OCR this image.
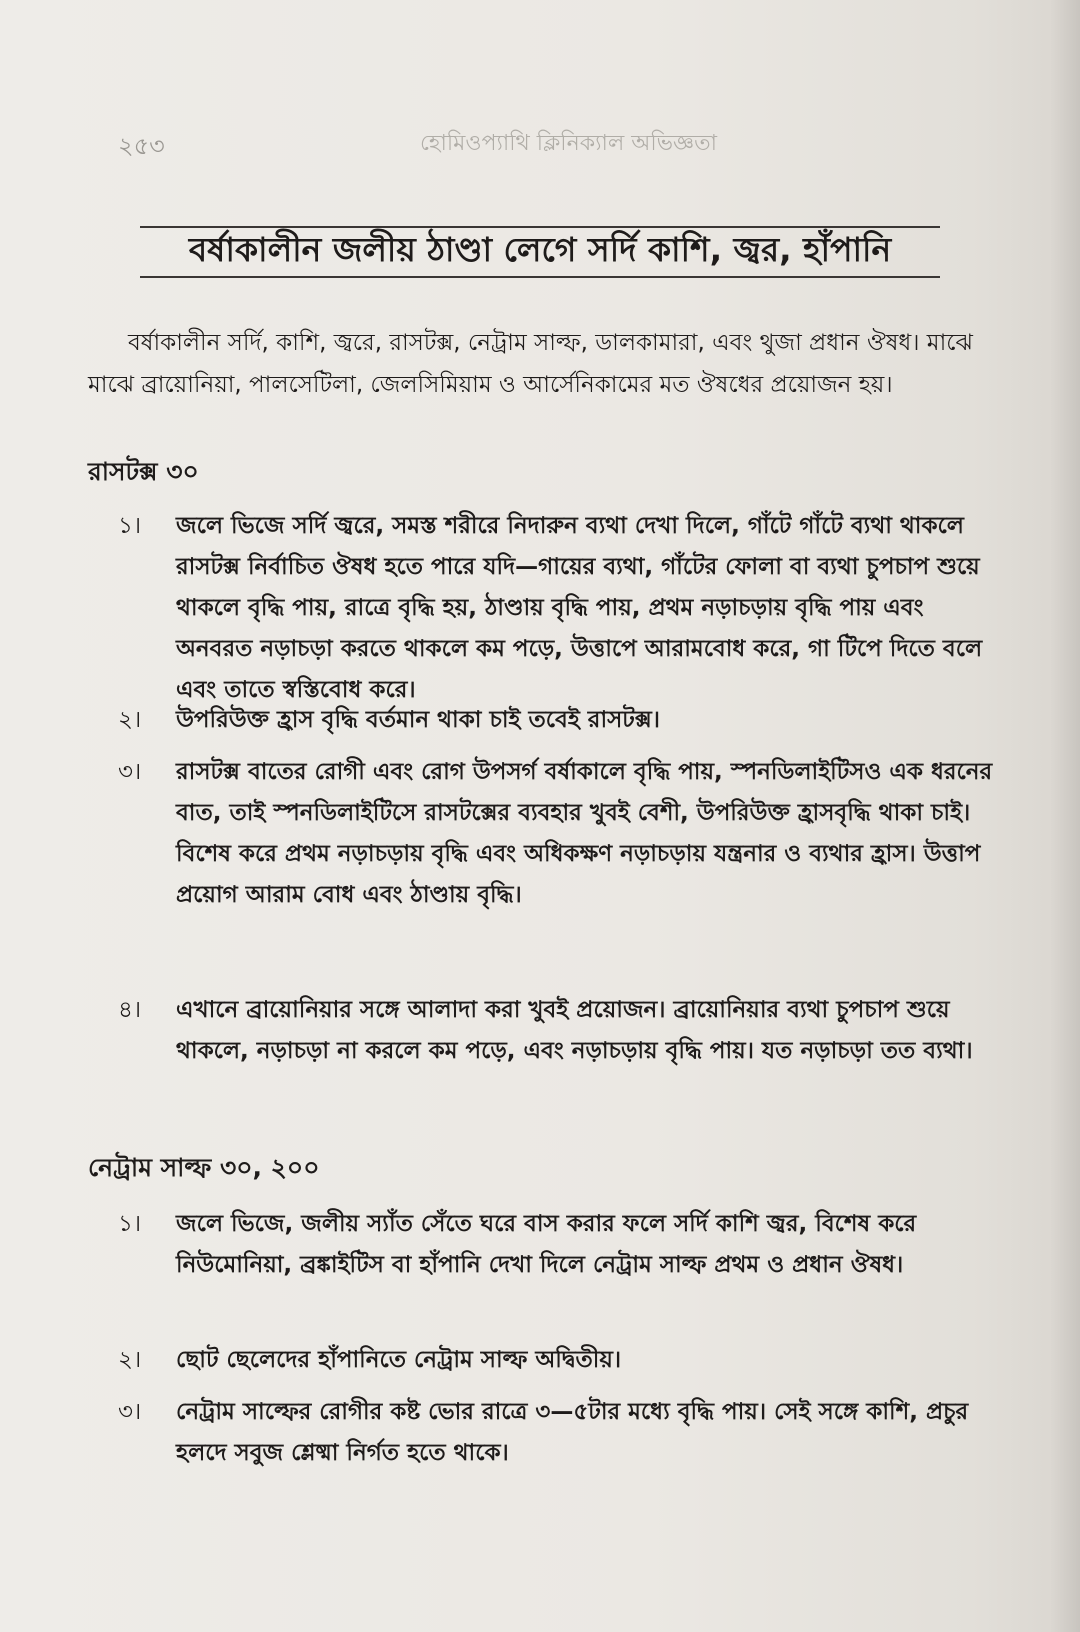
২৫৩	হোমিওপ্যাথি ক্লিনিক্যাল অভিজ্ঞতা
বর্ষাকালীন জলীয় ঠাণ্ডা লেগে সর্দি কাশি, জ্বর, হাঁপানি

বর্ষাকালীন সর্দি, কাশি, জ্বরে, রাসটক্স, নেট্রাম সাল্ফ, ডালকামারা, এবং থুজা প্রধান ঔষধ। মাঝে মাঝে ব্রায়োনিয়া, পালসেটিলা, জেলসিমিয়াম ও আর্সেনিকামের মত ঔষধের প্রয়োজন হয়।

রাসটক্স ৩০

১।	জলে ভিজে সর্দি জ্বরে, সমস্ত শরীরে নিদারুন ব্যথা দেখা দিলে, গাঁটে গাঁটে ব্যথা থাকলে রাসটক্স নির্বাচিত ঔষধ হতে পারে যদি—গায়ের ব্যথা, গাঁটের ফোলা বা ব্যথা চুপচাপ শুয়ে থাকলে বৃদ্ধি পায়, রাত্রে বৃদ্ধি হয়, ঠাণ্ডায় বৃদ্ধি পায়, প্রথম নড়াচড়ায় বৃদ্ধি পায় এবং অনবরত নড়াচড়া করতে থাকলে কম পড়ে, উত্তাপে আরামবোধ করে, গা টিপে দিতে বলে এবং তাতে স্বস্তিবোধ করে।
২।	উপরিউক্ত হ্রাস বৃদ্ধি বর্তমান থাকা চাই তবেই রাসটক্স।
৩।	রাসটক্স বাতের রোগী এবং রোগ উপসর্গ বর্ষাকালে বৃদ্ধি পায়, স্পনডিলাইটিসও এক ধরনের বাত, তাই স্পনডিলাইটিসে রাসটক্সের ব্যবহার খুবই বেশী, উপরিউক্ত হ্রাসবৃদ্ধি থাকা চাই। বিশেষ করে প্রথম নড়াচড়ায় বৃদ্ধি এবং অধিকক্ষণ নড়াচড়ায় যন্ত্রনার ও ব্যথার হ্রাস। উত্তাপ প্রয়োগ আরাম বোধ এবং ঠাণ্ডায় বৃদ্ধি।
৪।	এখানে ব্রায়োনিয়ার সঙ্গে আলাদা করা খুবই প্রয়োজন। ব্রায়োনিয়ার ব্যথা চুপচাপ শুয়ে থাকলে, নড়াচড়া না করলে কম পড়ে, এবং নড়াচড়ায় বৃদ্ধি পায়। যত নড়াচড়া তত ব্যথা।

নেট্রাম সাল্ফ ৩০, ২০০

১।	জলে ভিজে, জলীয় স্যাঁত সেঁতে ঘরে বাস করার ফলে সর্দি কাশি জ্বর, বিশেষ করে নিউমোনিয়া, ব্রঙ্কাইটিস বা হাঁপানি দেখা দিলে নেট্রাম সাল্ফ প্রথম ও প্রধান ঔষধ।
২।	ছোট ছেলেদের হাঁপানিতে নেট্রাম সাল্ফ অদ্বিতীয়।
৩।	নেট্রাম সাল্ফের রোগীর কষ্ট ভোর রাত্রে ৩—৫টার মধ্যে বৃদ্ধি পায়। সেই সঙ্গে কাশি, প্রচুর হলদে সবুজ শ্লেষ্মা নির্গত হতে থাকে।
